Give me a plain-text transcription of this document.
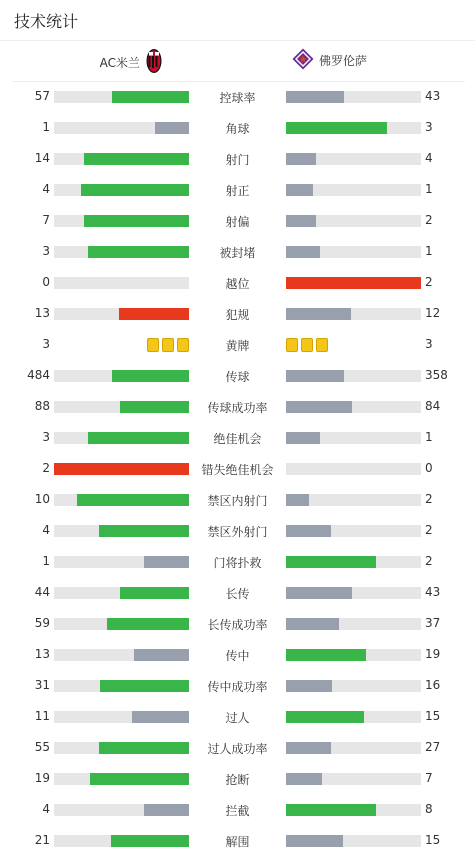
技术统计
AC米兰	佛罗伦萨
57	控球率	43
1	角球	3
14	射门	4
4	射正	1
7	射偏	2
3	被封堵	1
0	越位	2
13	犯规	12
3	黄牌	3
484	传球	358
88	传球成功率	84
3	绝佳机会	1
2	错失绝佳机会	0
10	禁区内射门	2
4	禁区外射门	2
1	门将扑救	2
44	长传	43
59	长传成功率	37
13	传中	19
31	传中成功率	16
11	过人	15
55	过人成功率	27
19	抢断	7
4	拦截	8
21	解围	15
